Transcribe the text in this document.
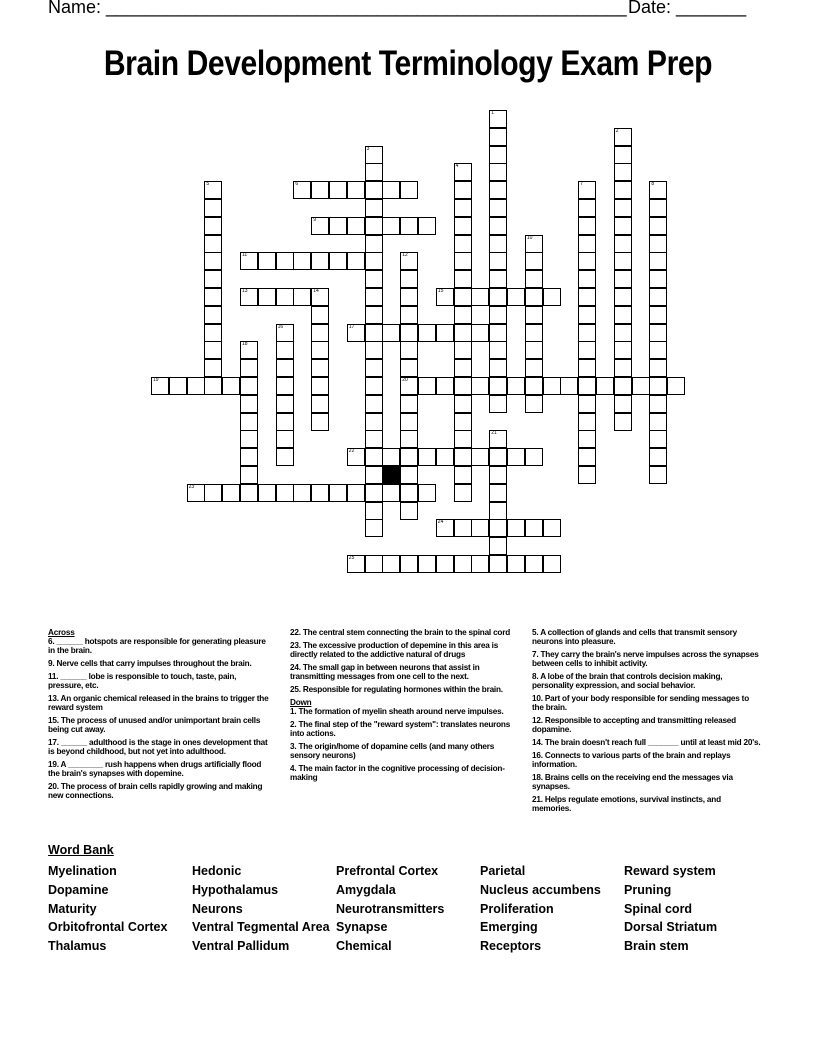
Name: ____________________________________________________ Date: _______
Brain Development Terminology Exam Prep
1
2
3
4
5	6	7	8
9
10
11	12
20
13	14	15
16	17
18
19
21
22
23
24
25
Across
6. ______ hotspots are responsible for generating pleasure in the brain.
9. Nerve cells that carry impulses throughout the brain.
11. ______ lobe is responsible to touch, taste, pain, pressure, etc.
13. An organic chemical released in the brains to trigger the reward system
15. The process of unused and/or unimportant brain cells being cut away.
17. ______ adulthood is the stage in ones development that is beyond childhood, but not yet into adulthood.
19. A ________ rush happens when drugs artificially flood the brain's synapses with dopemine.
20. The process of brain cells rapidly growing and making new connections.
22. The central stem connecting the brain to the spinal cord
23. The excessive production of depemine in this area is directly related to the addictive natural of drugs
24. The small gap in between neurons that assist in transmitting messages from one cell to the next.
25. Responsible for regulating hormones within the brain.
Down
1. The formation of myelin sheath around nerve impulses.
2. The final step of the "reward system": translates neurons into actions.
3. The origin/home of dopamine cells (and many others sensory neurons)
4. The main factor in the cognitive processing of decision-making
5. A collection of glands and cells that transmit sensory neurons into pleasure.
7. They carry the brain's nerve impulses across the synapses between cells to inhibit activity.
8. A lobe of the brain that controls decision making, personality expression, and social behavior.
10. Part of your body responsible for sending messages to the brain.
12. Responsible to accepting and transmitting released dopamine.
14. The brain doesn't reach full _______ until at least mid 20's.
16. Connects to various parts of the brain and replays information.
18. Brains cells on the receiving end the messages via synapses.
21. Helps regulate emotions, survival instincts, and memories.
Word Bank
Myelination
Dopamine
Maturity
Orbitofrontal Cortex
Thalamus
Hedonic
Hypothalamus
Neurons
Ventral Tegmental Area
Ventral Pallidum
Prefrontal Cortex
Amygdala
Neurotransmitters
Synapse
Chemical
Parietal
Nucleus accumbens
Proliferation
Emerging
Receptors
Reward system
Pruning
Spinal cord
Dorsal Striatum
Brain stem
